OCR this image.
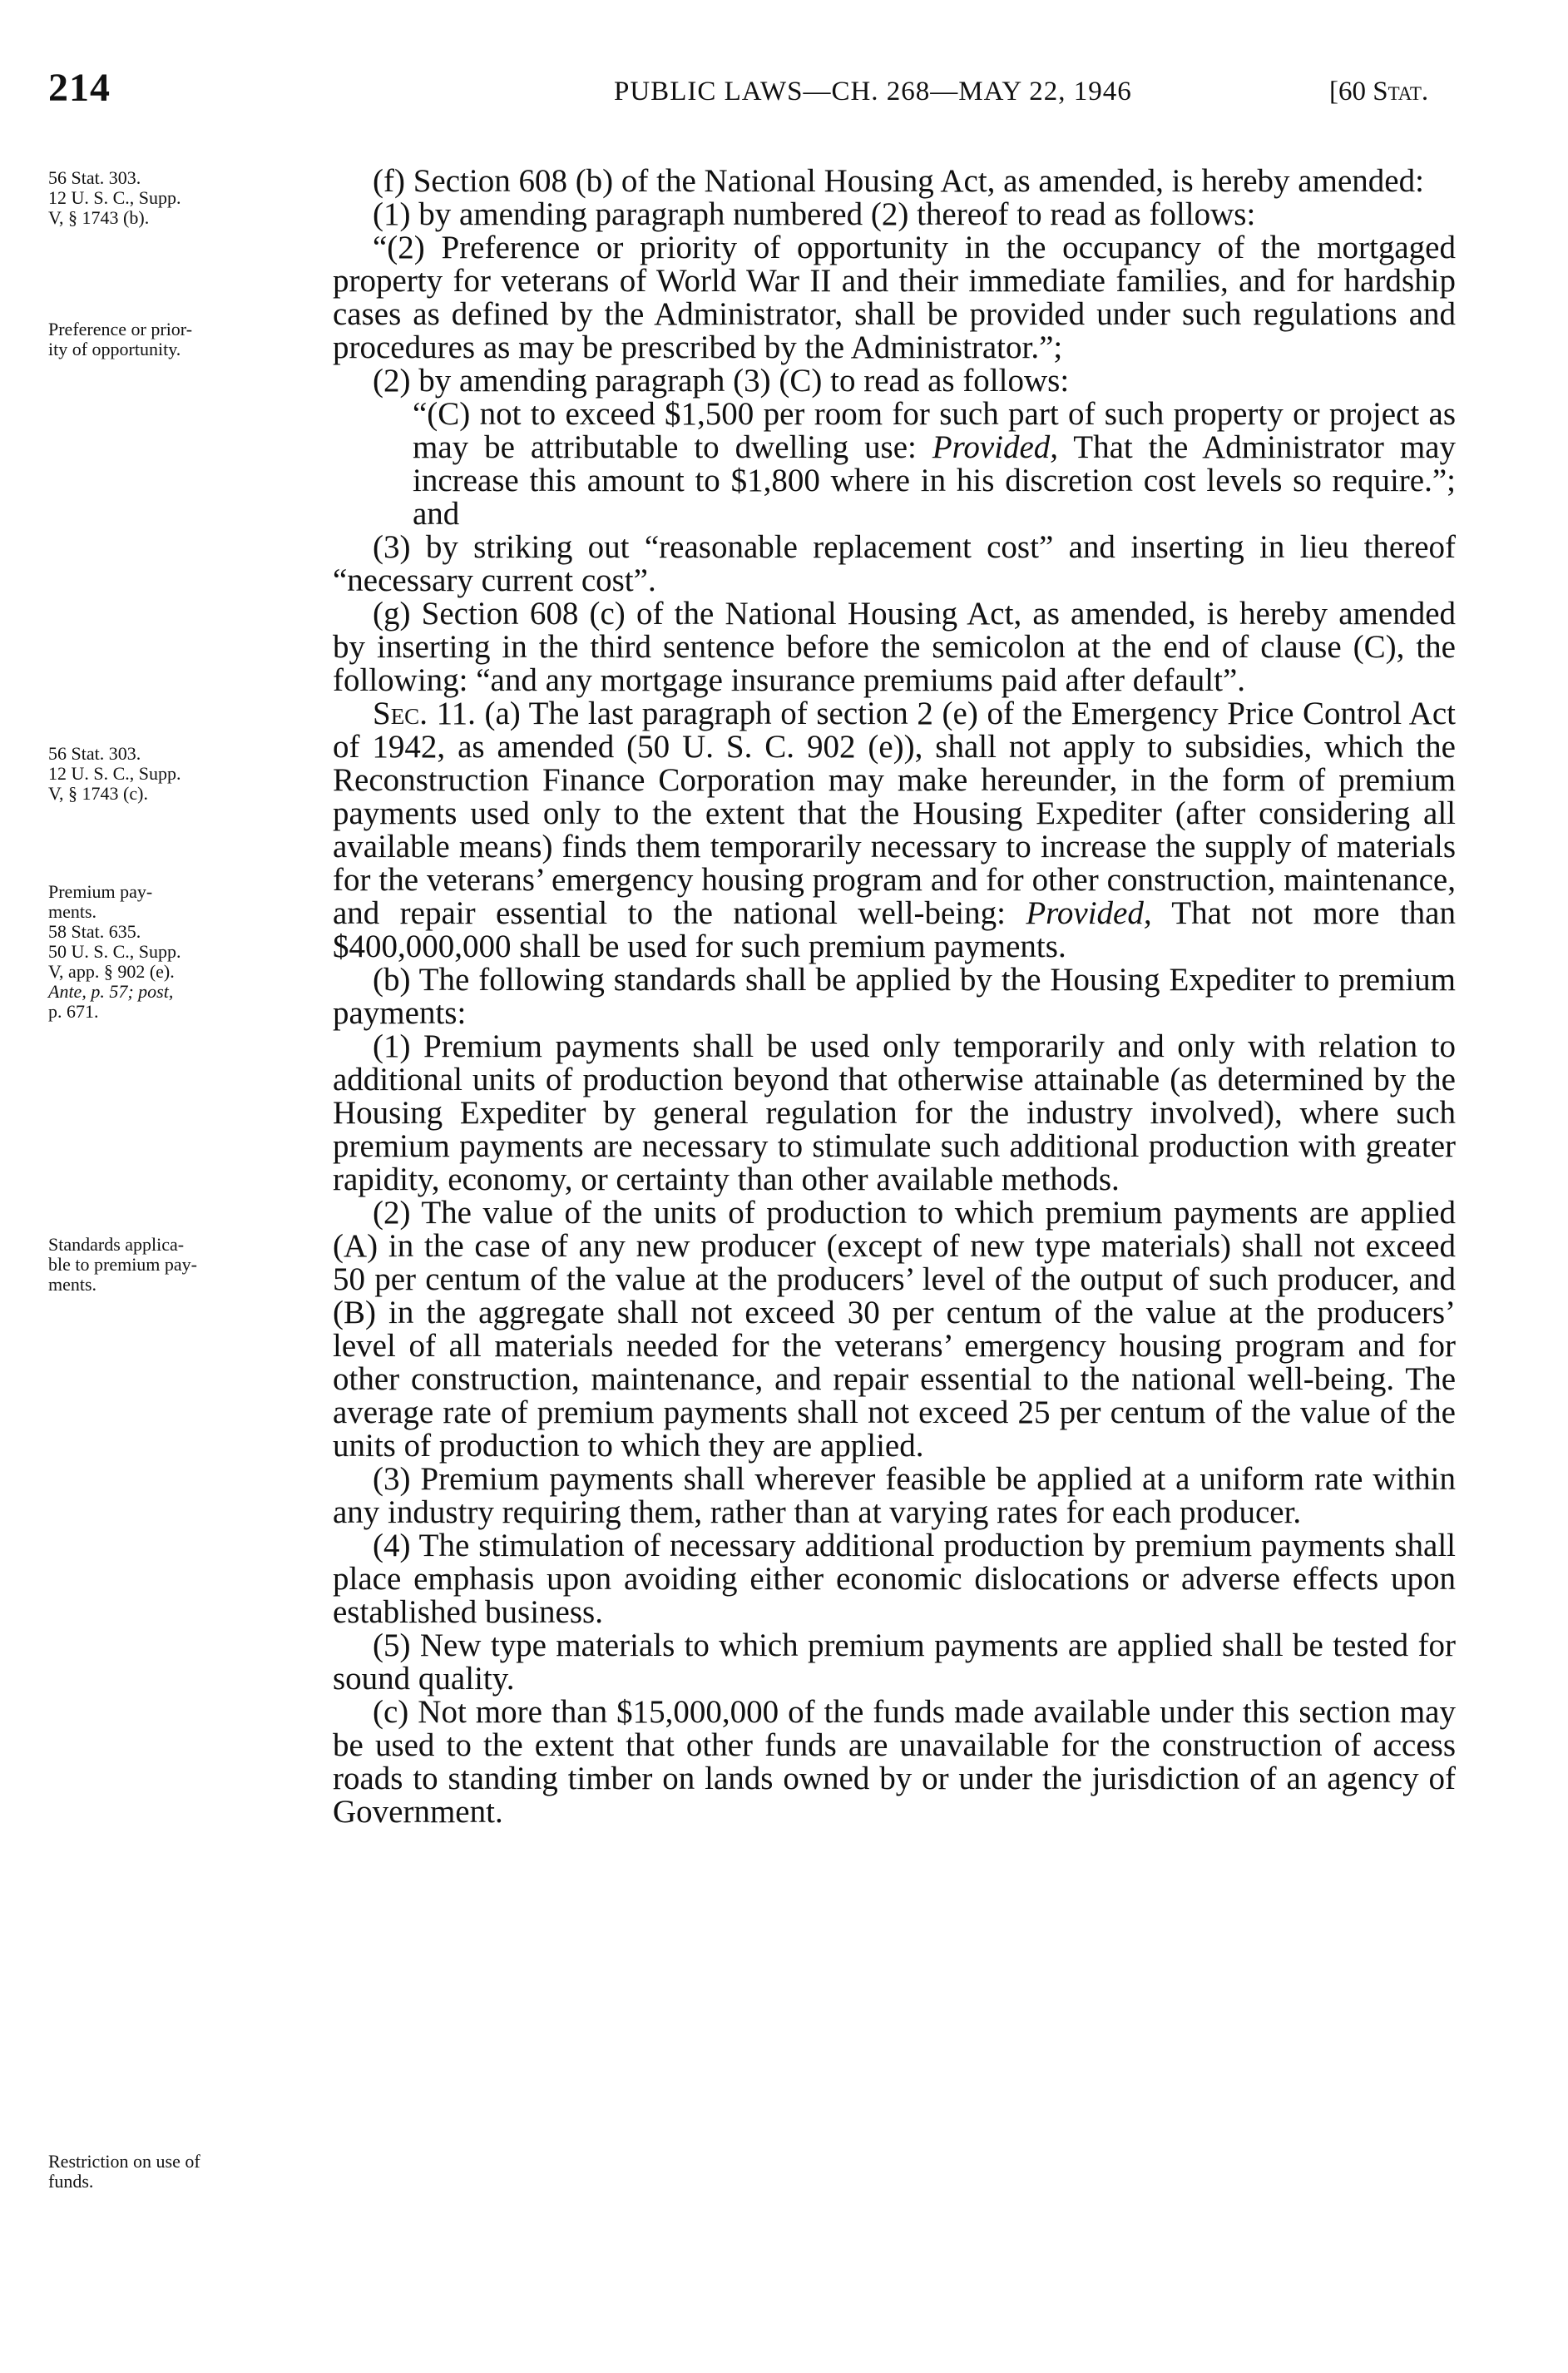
214	PUBLIC LAWS—CH. 268—MAY 22, 1946	[60 Stat.
56 Stat. 303.
12 U. S. C., Supp.
V, § 1743 (b).
Preference or prior-
ity of opportunity.
56 Stat. 303.
12 U. S. C., Supp.
V, § 1743 (c).
Premium pay-
ments.
58 Stat. 635.
50 U. S. C., Supp.
V, app. § 902 (e).
Ante, p. 57; post,
p. 671.
Standards applica-
ble to premium pay-
ments.
Restriction on use of
funds.

(f) Section 608 (b) of the National Housing Act, as amended, is hereby amended:

(1) by amending paragraph numbered (2) thereof to read as follows:

“(2) Preference or priority of opportunity in the occupancy of the mortgaged property for veterans of World War II and their immediate families, and for hardship cases as defined by the Administrator, shall be provided under such regulations and procedures as may be prescribed by the Administrator.”;

(2) by amending paragraph (3) (C) to read as follows:

“(C) not to exceed $1,500 per room for such part of such property or project as may be attributable to dwelling use: Provided, That the Administrator may increase this amount to $1,800 where in his discretion cost levels so require.”; and

(3) by striking out “reasonable replacement cost” and inserting in lieu thereof “necessary current cost”.

(g) Section 608 (c) of the National Housing Act, as amended, is hereby amended by inserting in the third sentence before the semicolon at the end of clause (C), the following: “and any mortgage insurance premiums paid after default”.

Sec. 11. (a) The last paragraph of section 2 (e) of the Emergency Price Control Act of 1942, as amended (50 U. S. C. 902 (e)), shall not apply to subsidies, which the Reconstruction Finance Corporation may make hereunder, in the form of premium payments used only to the extent that the Housing Expediter (after considering all available means) finds them temporarily necessary to increase the supply of materials for the veterans’ emergency housing program and for other construction, maintenance, and repair essential to the national well-being: Provided, That not more than $400,000,000 shall be used for such premium payments.

(b) The following standards shall be applied by the Housing Expediter to premium payments:

(1) Premium payments shall be used only temporarily and only with relation to additional units of production beyond that otherwise attainable (as determined by the Housing Expediter by general regulation for the industry involved), where such premium payments are necessary to stimulate such additional production with greater rapidity, economy, or certainty than other available methods.

(2) The value of the units of production to which premium payments are applied (A) in the case of any new producer (except of new type materials) shall not exceed 50 per centum of the value at the producers’ level of the output of such producer, and (B) in the aggregate shall not exceed 30 per centum of the value at the producers’ level of all materials needed for the veterans’ emergency housing program and for other construction, maintenance, and repair essential to the national well-being. The average rate of premium payments shall not exceed 25 per centum of the value of the units of production to which they are applied.

(3) Premium payments shall wherever feasible be applied at a uniform rate within any industry requiring them, rather than at varying rates for each producer.

(4) The stimulation of necessary additional production by premium payments shall place emphasis upon avoiding either economic dislocations or adverse effects upon established business.

(5) New type materials to which premium payments are applied shall be tested for sound quality.

(c) Not more than $15,000,000 of the funds made available under this section may be used to the extent that other funds are unavailable for the construction of access roads to standing timber on lands owned by or under the jurisdiction of an agency of Government.
